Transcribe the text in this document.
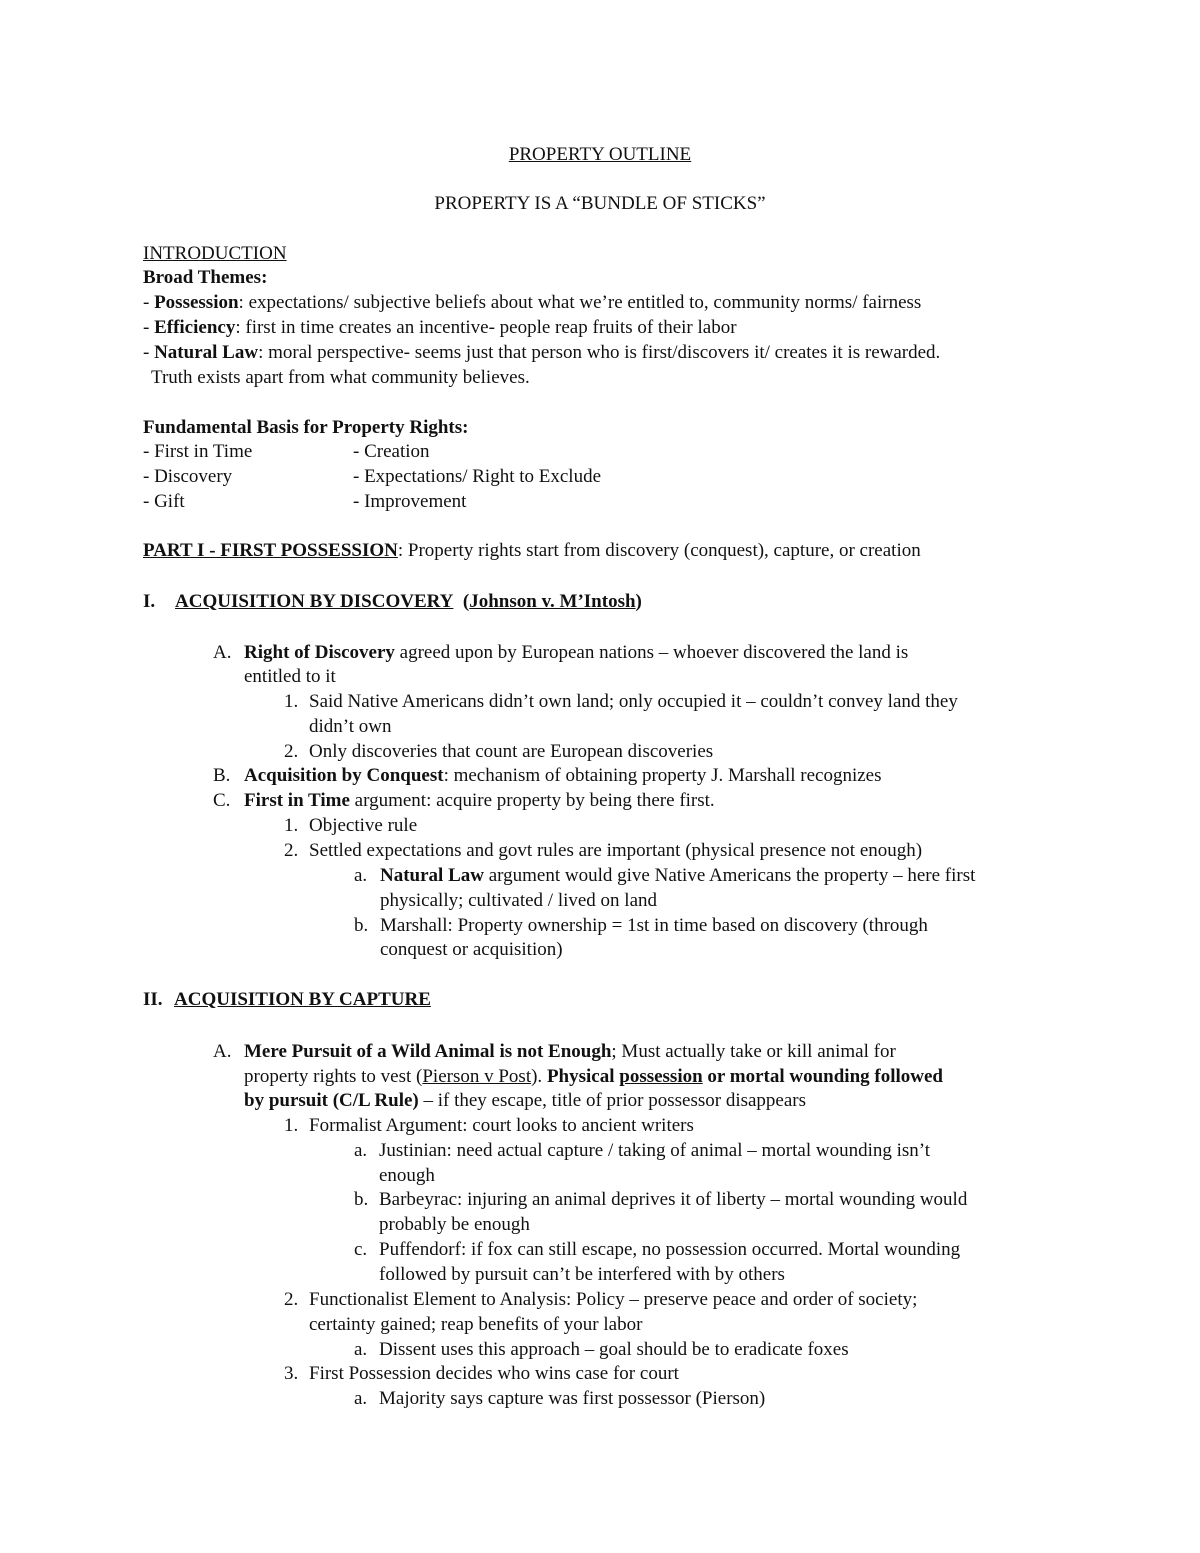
PROPERTY OUTLINE
PROPERTY IS A “BUNDLE OF STICKS”
INTRODUCTION
Broad Themes:
- Possession: expectations/ subjective beliefs about what we’re entitled to, community norms/ fairness
- Efficiency: first in time creates an incentive- people reap fruits of their labor
- Natural Law: moral perspective- seems just that person who is first/discovers it/ creates it is rewarded.
Truth exists apart from what community believes.
Fundamental Basis for Property Rights:
- First in Time
- Discovery
- Gift
- Creation
- Expectations/ Right to Exclude
- Improvement
PART I - FIRST POSSESSION: Property rights start from discovery (conquest), capture, or creation
I. ACQUISITION BY DISCOVERY (Johnson v. M’Intosh)
A. Right of Discovery agreed upon by European nations – whoever discovered the land is
entitled to it
1. Said Native Americans didn’t own land; only occupied it – couldn’t convey land they
didn’t own
2. Only discoveries that count are European discoveries
B. Acquisition by Conquest: mechanism of obtaining property J. Marshall recognizes
C. First in Time argument: acquire property by being there first.
1. Objective rule
2. Settled expectations and govt rules are important (physical presence not enough)
a. Natural Law argument would give Native Americans the property – here first
physically; cultivated / lived on land
b. Marshall: Property ownership = 1st in time based on discovery (through
conquest or acquisition)
II. ACQUISITION BY CAPTURE
A. Mere Pursuit of a Wild Animal is not Enough; Must actually take or kill animal for
property rights to vest (Pierson v Post). Physical possession or mortal wounding followed
by pursuit (C/L Rule) – if they escape, title of prior possessor disappears
1. Formalist Argument: court looks to ancient writers
a. Justinian: need actual capture / taking of animal – mortal wounding isn’t
enough
b. Barbeyrac: injuring an animal deprives it of liberty – mortal wounding would
probably be enough
c. Puffendorf: if fox can still escape, no possession occurred. Mortal wounding
followed by pursuit can’t be interfered with by others
2. Functionalist Element to Analysis: Policy – preserve peace and order of society;
certainty gained; reap benefits of your labor
a. Dissent uses this approach – goal should be to eradicate foxes
3. First Possession decides who wins case for court
a. Majority says capture was first possessor (Pierson)
